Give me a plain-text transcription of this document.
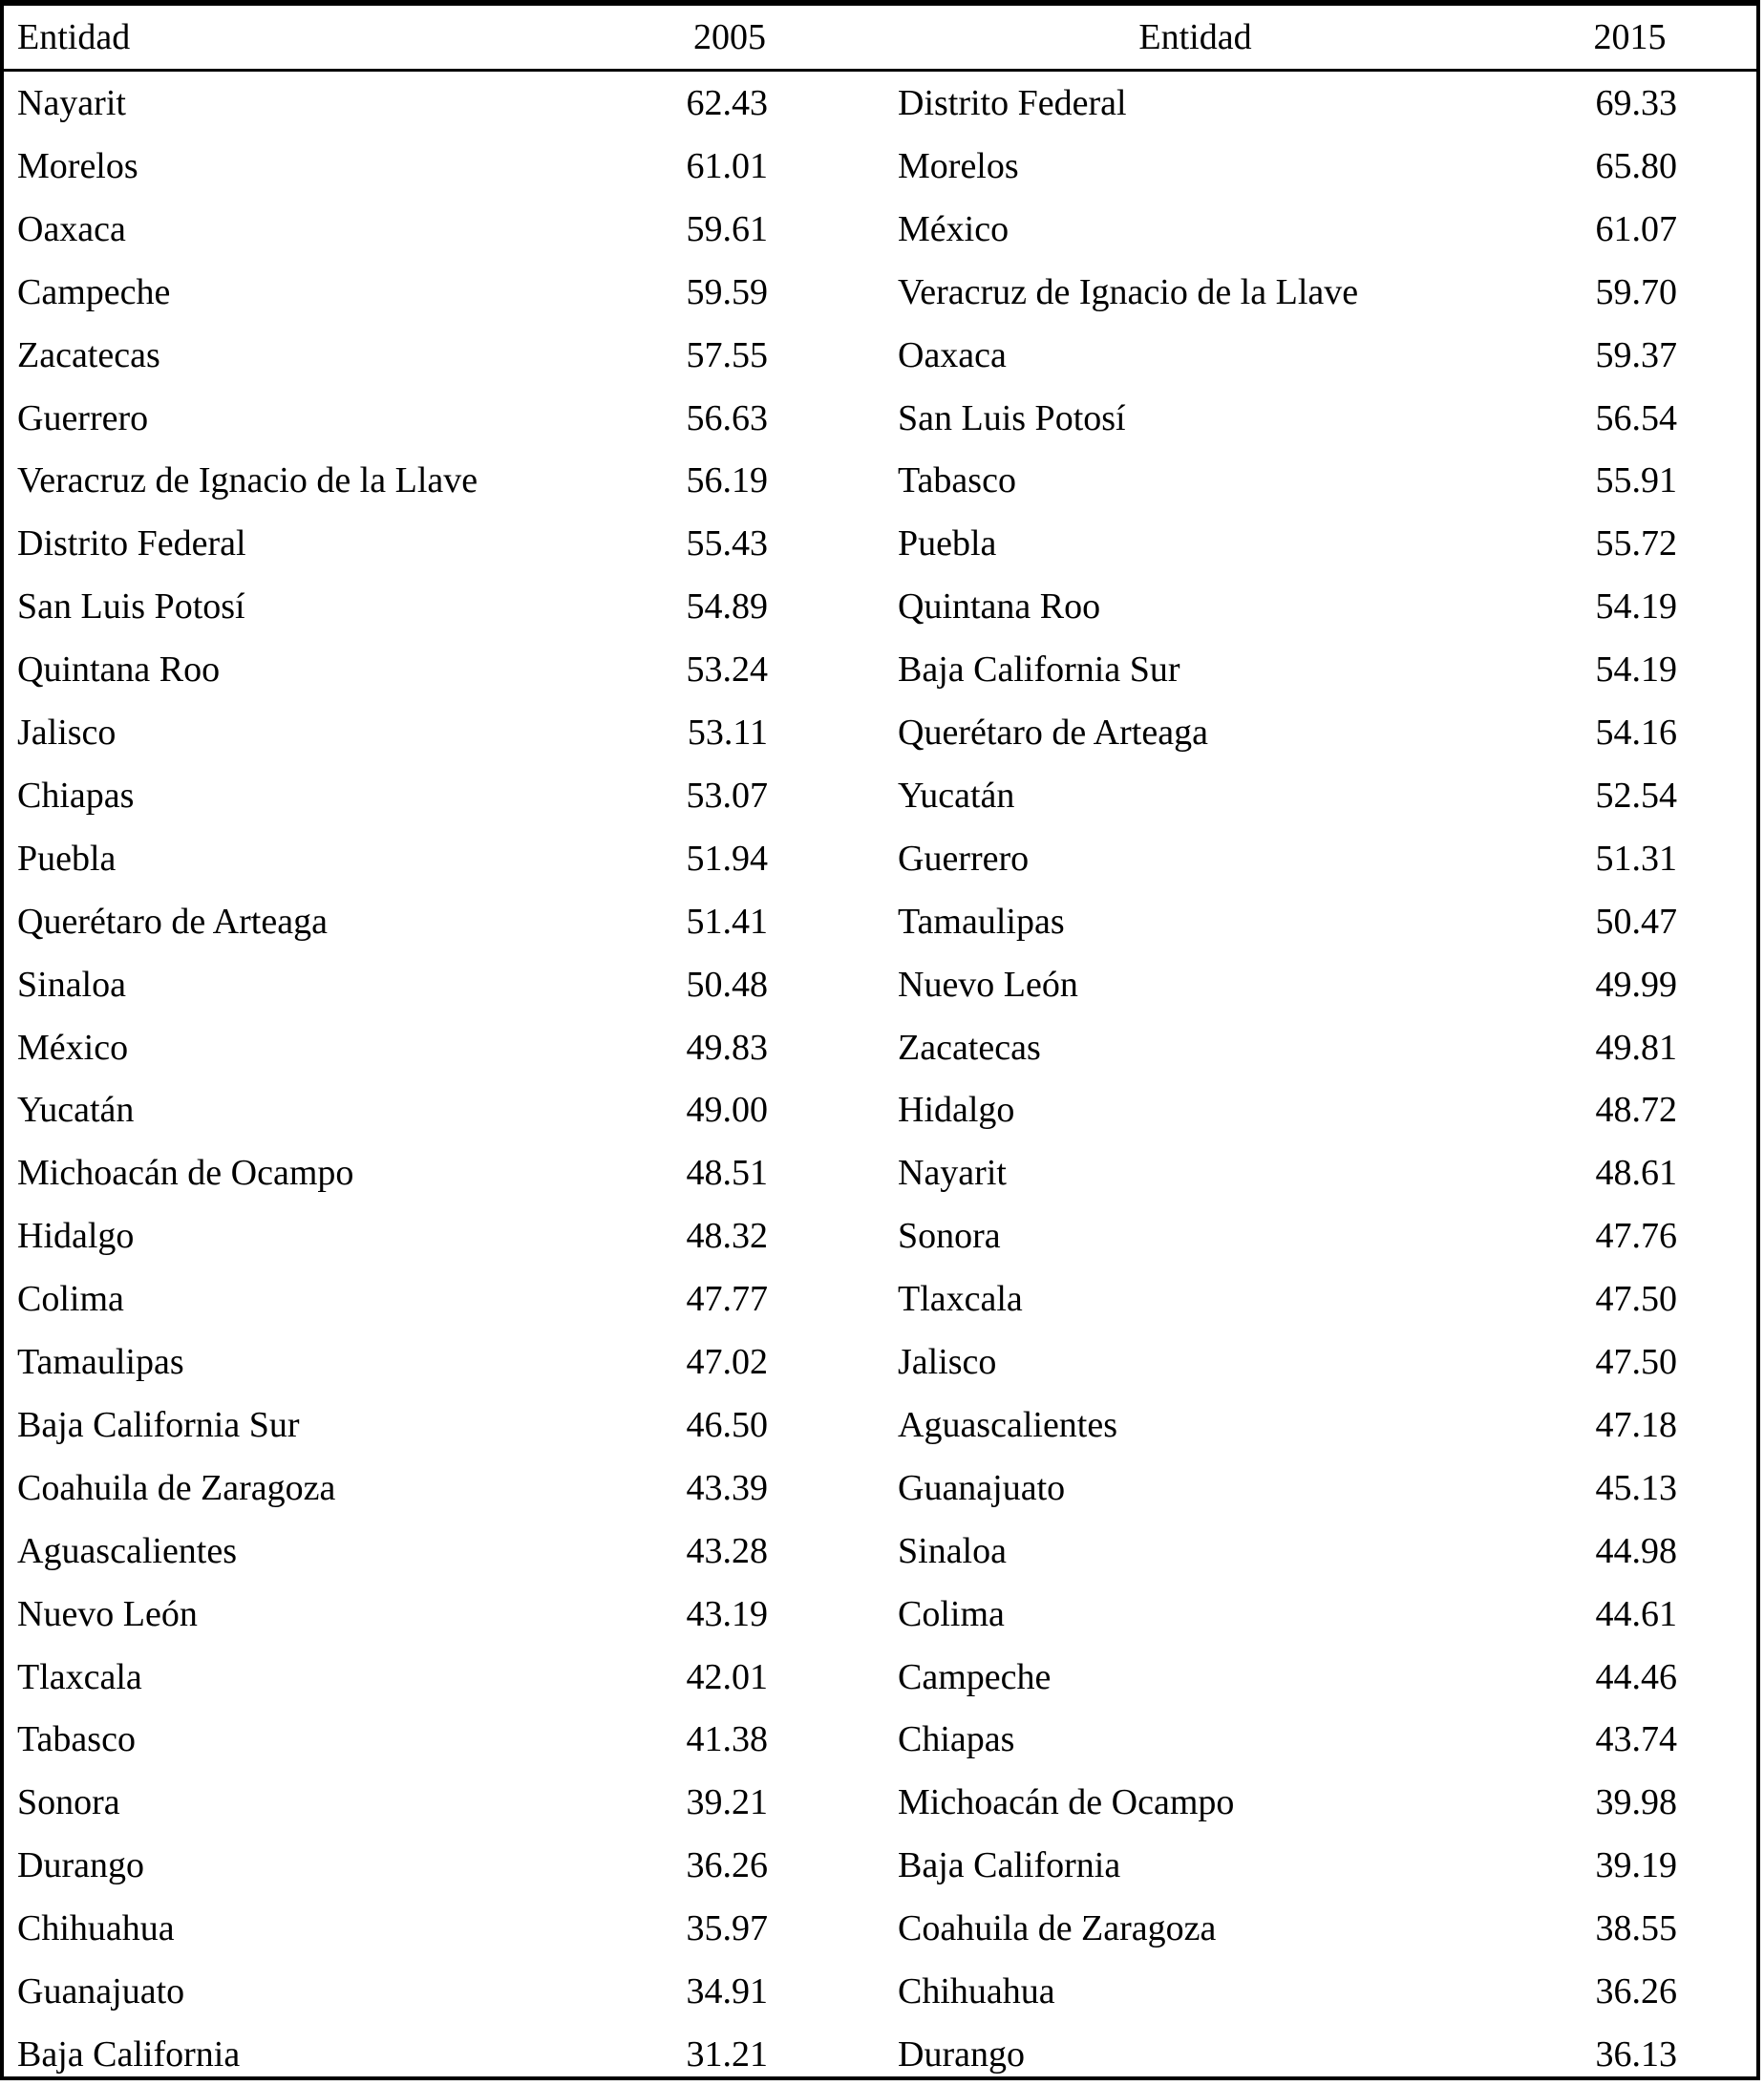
Entidad	2005	Entidad	2015
Nayarit	62.43	Distrito Federal	69.33
Morelos	61.01	Morelos	65.80
Oaxaca	59.61	México	61.07
Campeche	59.59	Veracruz de Ignacio de la Llave	59.70
Zacatecas	57.55	Oaxaca	59.37
Guerrero	56.63	San Luis Potosí	56.54
Veracruz de Ignacio de la Llave	56.19	Tabasco	55.91
Distrito Federal	55.43	Puebla	55.72
San Luis Potosí	54.89	Quintana Roo	54.19
Quintana Roo	53.24	Baja California Sur	54.19
Jalisco	53.11	Querétaro de Arteaga	54.16
Chiapas	53.07	Yucatán	52.54
Puebla	51.94	Guerrero	51.31
Querétaro de Arteaga	51.41	Tamaulipas	50.47
Sinaloa	50.48	Nuevo León	49.99
México	49.83	Zacatecas	49.81
Yucatán	49.00	Hidalgo	48.72
Michoacán de Ocampo	48.51	Nayarit	48.61
Hidalgo	48.32	Sonora	47.76
Colima	47.77	Tlaxcala	47.50
Tamaulipas	47.02	Jalisco	47.50
Baja California Sur	46.50	Aguascalientes	47.18
Coahuila de Zaragoza	43.39	Guanajuato	45.13
Aguascalientes	43.28	Sinaloa	44.98
Nuevo León	43.19	Colima	44.61
Tlaxcala	42.01	Campeche	44.46
Tabasco	41.38	Chiapas	43.74
Sonora	39.21	Michoacán de Ocampo	39.98
Durango	36.26	Baja California	39.19
Chihuahua	35.97	Coahuila de Zaragoza	38.55
Guanajuato	34.91	Chihuahua	36.26
Baja California	31.21	Durango	36.13
